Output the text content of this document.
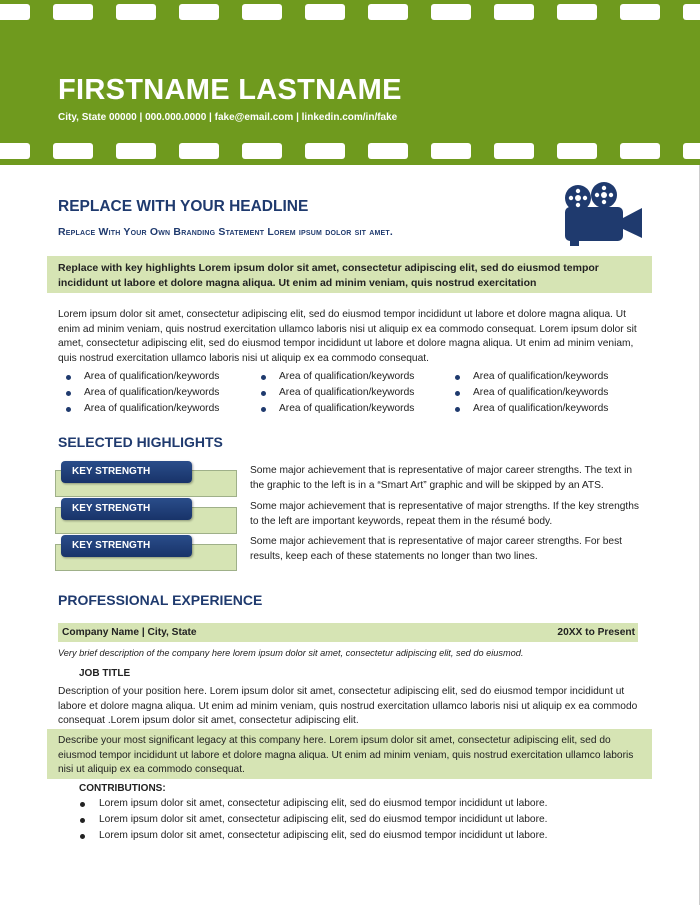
FIRSTNAME LASTNAME
City, State 00000 | 000.000.0000 | fake@email.com | linkedin.com/in/fake
REPLACE WITH YOUR HEADLINE
Replace With Your Own Branding Statement Lorem ipsum dolor sit amet.
Replace with key highlights Lorem ipsum dolor sit amet, consectetur adipiscing elit, sed do eiusmod tempor incididunt ut labore et dolore magna aliqua. Ut enim ad minim veniam, quis nostrud exercitation
Lorem ipsum dolor sit amet, consectetur adipiscing elit, sed do eiusmod tempor incididunt ut labore et dolore magna aliqua. Ut enim ad minim veniam, quis nostrud exercitation ullamco laboris nisi ut aliquip ex ea commodo consequat. Lorem ipsum dolor sit amet, consectetur adipiscing elit, sed do eiusmod tempor incididunt ut labore et dolore magna aliqua. Ut enim ad minim veniam, quis nostrud exercitation ullamco laboris nisi ut aliquip ex ea commodo consequat.
Area of qualification/keywords
Area of qualification/keywords
Area of qualification/keywords
Area of qualification/keywords
Area of qualification/keywords
Area of qualification/keywords
Area of qualification/keywords
Area of qualification/keywords
Area of qualification/keywords
SELECTED HIGHLIGHTS
KEY STRENGTH	Some major achievement that is representative of major career strengths. The text in the graphic to the left is in a “Smart Art” graphic and will be skipped by an ATS.
KEY STRENGTH	Some major achievement that is representative of major strengths. If the key strengths to the left are important keywords, repeat them in the résumé body.
KEY STRENGTH	Some major achievement that is representative of major career strengths. For best results, keep each of these statements no longer than two lines.
PROFESSIONAL EXPERIENCE
Company Name | City, State	20XX to Present
Very brief description of the company here lorem ipsum dolor sit amet, consectetur adipiscing elit, sed do eiusmod.
JOB TITLE
Description of your position here. Lorem ipsum dolor sit amet, consectetur adipiscing elit, sed do eiusmod tempor incididunt ut labore et dolore magna aliqua. Ut enim ad minim veniam, quis nostrud exercitation ullamco laboris nisi ut aliquip ex ea commodo consequat .Lorem ipsum dolor sit amet, consectetur adipiscing elit.
Describe your most significant legacy at this company here. Lorem ipsum dolor sit amet, consectetur adipiscing elit, sed do eiusmod tempor incididunt ut labore et dolore magna aliqua. Ut enim ad minim veniam, quis nostrud exercitation ullamco laboris nisi ut aliquip ex ea commodo consequat.
CONTRIBUTIONS:
Lorem ipsum dolor sit amet, consectetur adipiscing elit, sed do eiusmod tempor incididunt ut labore.
Lorem ipsum dolor sit amet, consectetur adipiscing elit, sed do eiusmod tempor incididunt ut labore.
Lorem ipsum dolor sit amet, consectetur adipiscing elit, sed do eiusmod tempor incididunt ut labore.
